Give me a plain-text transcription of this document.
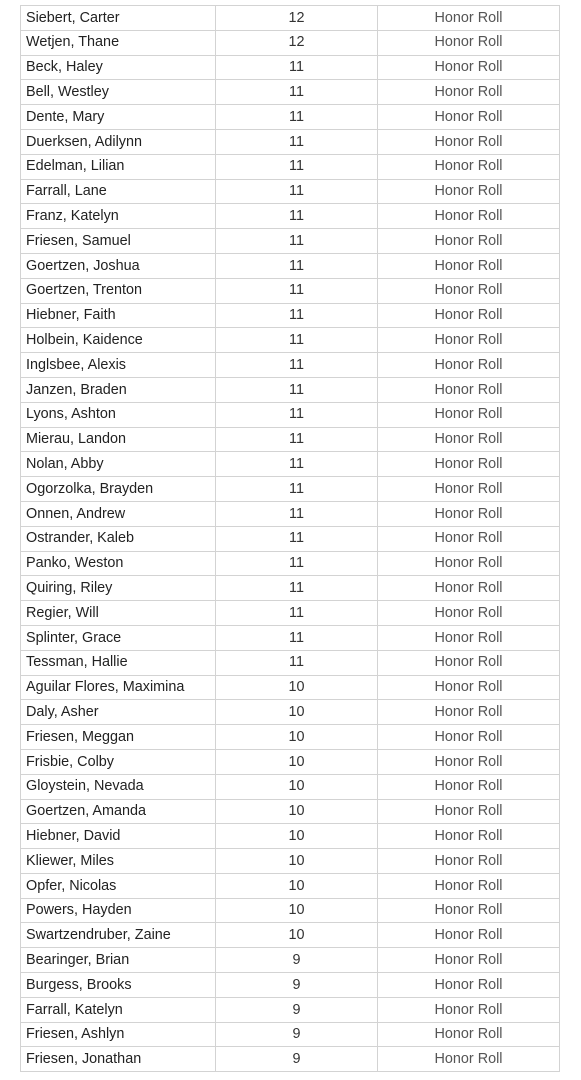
Siebert, Carter	12	Honor Roll
Wetjen, Thane	12	Honor Roll
Beck, Haley	11	Honor Roll
Bell, Westley	11	Honor Roll
Dente, Mary	11	Honor Roll
Duerksen, Adilynn	11	Honor Roll
Edelman, Lilian	11	Honor Roll
Farrall, Lane	11	Honor Roll
Franz, Katelyn	11	Honor Roll
Friesen, Samuel	11	Honor Roll
Goertzen, Joshua	11	Honor Roll
Goertzen, Trenton	11	Honor Roll
Hiebner, Faith	11	Honor Roll
Holbein, Kaidence	11	Honor Roll
Inglsbee, Alexis	11	Honor Roll
Janzen, Braden	11	Honor Roll
Lyons, Ashton	11	Honor Roll
Mierau, Landon	11	Honor Roll
Nolan, Abby	11	Honor Roll
Ogorzolka, Brayden	11	Honor Roll
Onnen, Andrew	11	Honor Roll
Ostrander, Kaleb	11	Honor Roll
Panko, Weston	11	Honor Roll
Quiring, Riley	11	Honor Roll
Regier, Will	11	Honor Roll
Splinter, Grace	11	Honor Roll
Tessman, Hallie	11	Honor Roll
Aguilar Flores, Maximina	10	Honor Roll
Daly, Asher	10	Honor Roll
Friesen, Meggan	10	Honor Roll
Frisbie, Colby	10	Honor Roll
Gloystein, Nevada	10	Honor Roll
Goertzen, Amanda	10	Honor Roll
Hiebner, David	10	Honor Roll
Kliewer, Miles	10	Honor Roll
Opfer, Nicolas	10	Honor Roll
Powers, Hayden	10	Honor Roll
Swartzendruber, Zaine	10	Honor Roll
Bearinger, Brian	9	Honor Roll
Burgess, Brooks	9	Honor Roll
Farrall, Katelyn	9	Honor Roll
Friesen, Ashlyn	9	Honor Roll
Friesen, Jonathan	9	Honor Roll
